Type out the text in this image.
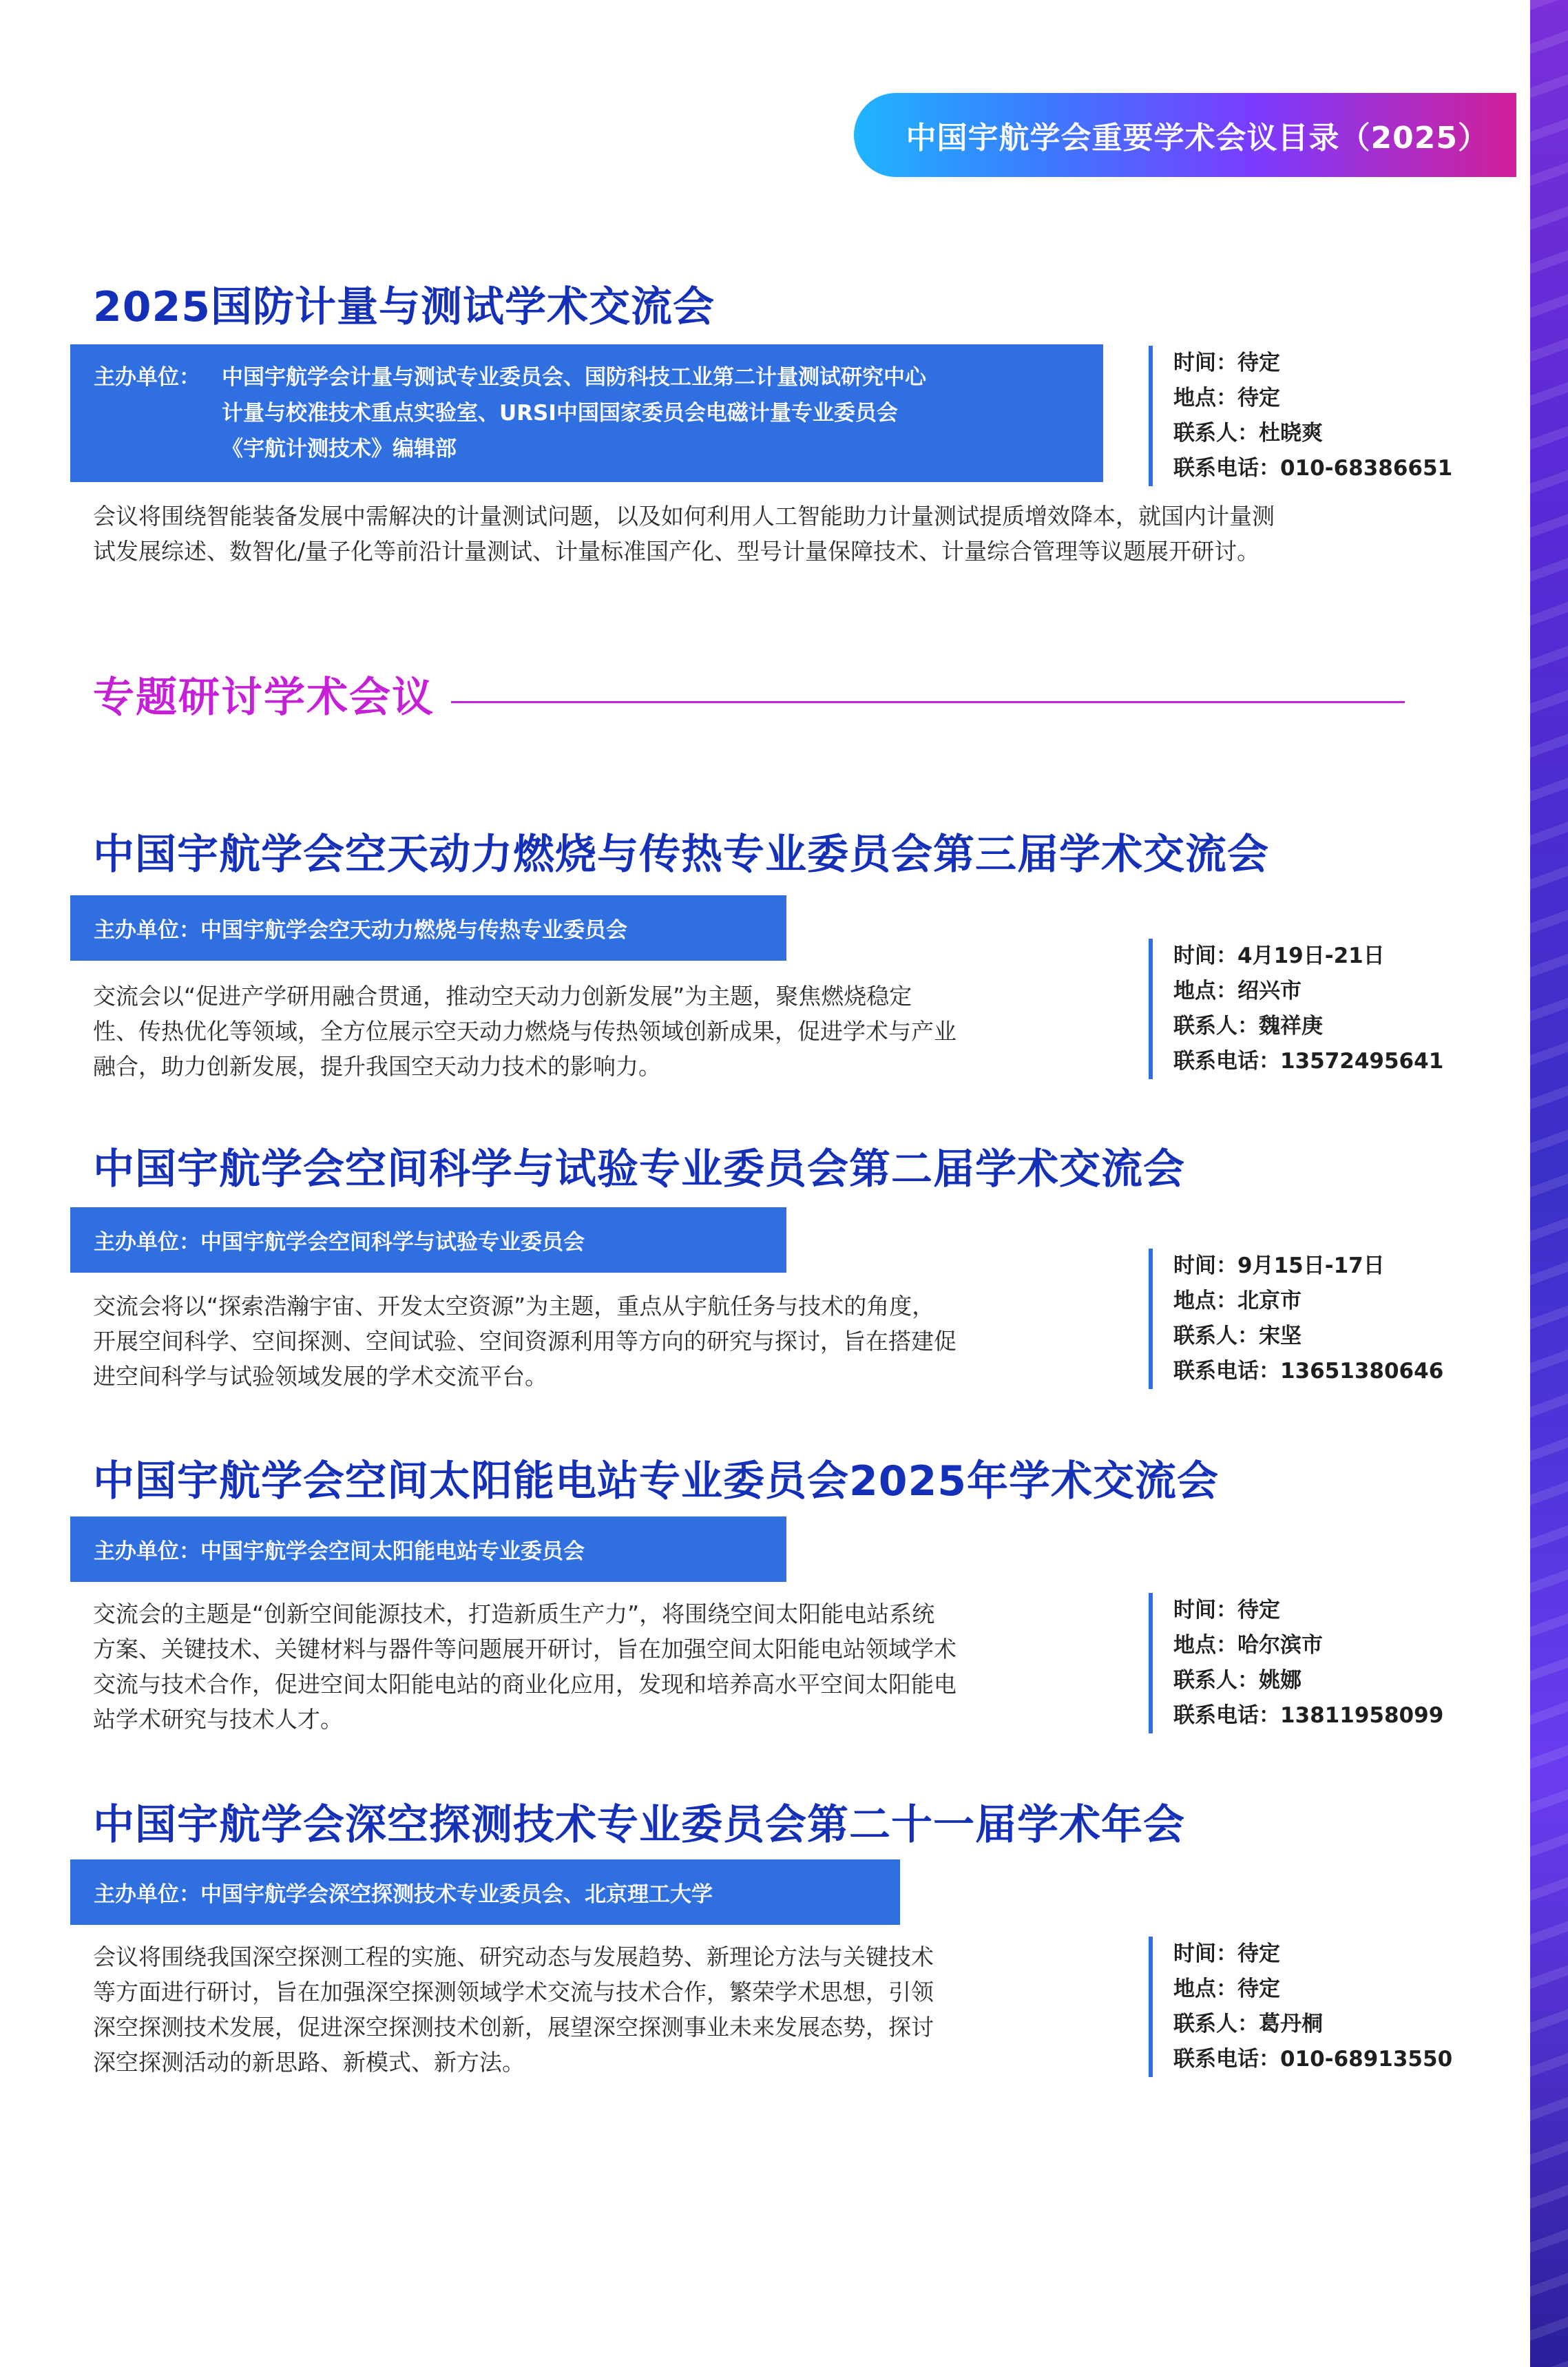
中国宇航学会重要学术会议目录（2025）
2025国防计量与测试学术交流会
主办单位：	中国宇航学会计量与测试专业委员会、国防科技工业第二计量测试研究中心
计量与校准技术重点实验室、URSI中国国家委员会电磁计量专业委员会
《宇航计测技术》编辑部
时间：待定
地点：待定
联系人：杜晓爽
联系电话：010-68386651
会议将围绕智能装备发展中需解决的计量测试问题，以及如何利用人工智能助力计量测试提质增效降本，就国内计量测
试发展综述、数智化/量子化等前沿计量测试、计量标准国产化、型号计量保障技术、计量综合管理等议题展开研讨。
专题研讨学术会议
中国宇航学会空天动力燃烧与传热专业委员会第三届学术交流会
主办单位：中国宇航学会空天动力燃烧与传热专业委员会
交流会以“促进产学研用融合贯通，推动空天动力创新发展”为主题，聚焦燃烧稳定
性、传热优化等领域，全方位展示空天动力燃烧与传热领域创新成果，促进学术与产业
融合，助力创新发展，提升我国空天动力技术的影响力。
时间：4月19日-21日
地点：绍兴市
联系人：魏祥庚
联系电话：13572495641
中国宇航学会空间科学与试验专业委员会第二届学术交流会
主办单位：中国宇航学会空间科学与试验专业委员会
交流会将以“探索浩瀚宇宙、开发太空资源”为主题，重点从宇航任务与技术的角度，
开展空间科学、空间探测、空间试验、空间资源利用等方向的研究与探讨，旨在搭建促
进空间科学与试验领域发展的学术交流平台。
时间：9月15日-17日
地点：北京市
联系人：宋坚
联系电话：13651380646
中国宇航学会空间太阳能电站专业委员会2025年学术交流会
主办单位：中国宇航学会空间太阳能电站专业委员会
交流会的主题是“创新空间能源技术，打造新质生产力”，将围绕空间太阳能电站系统
方案、关键技术、关键材料与器件等问题展开研讨，旨在加强空间太阳能电站领域学术
交流与技术合作，促进空间太阳能电站的商业化应用，发现和培养高水平空间太阳能电
站学术研究与技术人才。
时间：待定
地点：哈尔滨市
联系人：姚娜
联系电话：13811958099
中国宇航学会深空探测技术专业委员会第二十一届学术年会
主办单位：中国宇航学会深空探测技术专业委员会、北京理工大学
会议将围绕我国深空探测工程的实施、研究动态与发展趋势、新理论方法与关键技术
等方面进行研讨，旨在加强深空探测领域学术交流与技术合作，繁荣学术思想，引领
深空探测技术发展，促进深空探测技术创新，展望深空探测事业未来发展态势，探讨
深空探测活动的新思路、新模式、新方法。
时间：待定
地点：待定
联系人：葛丹桐
联系电话：010-68913550
